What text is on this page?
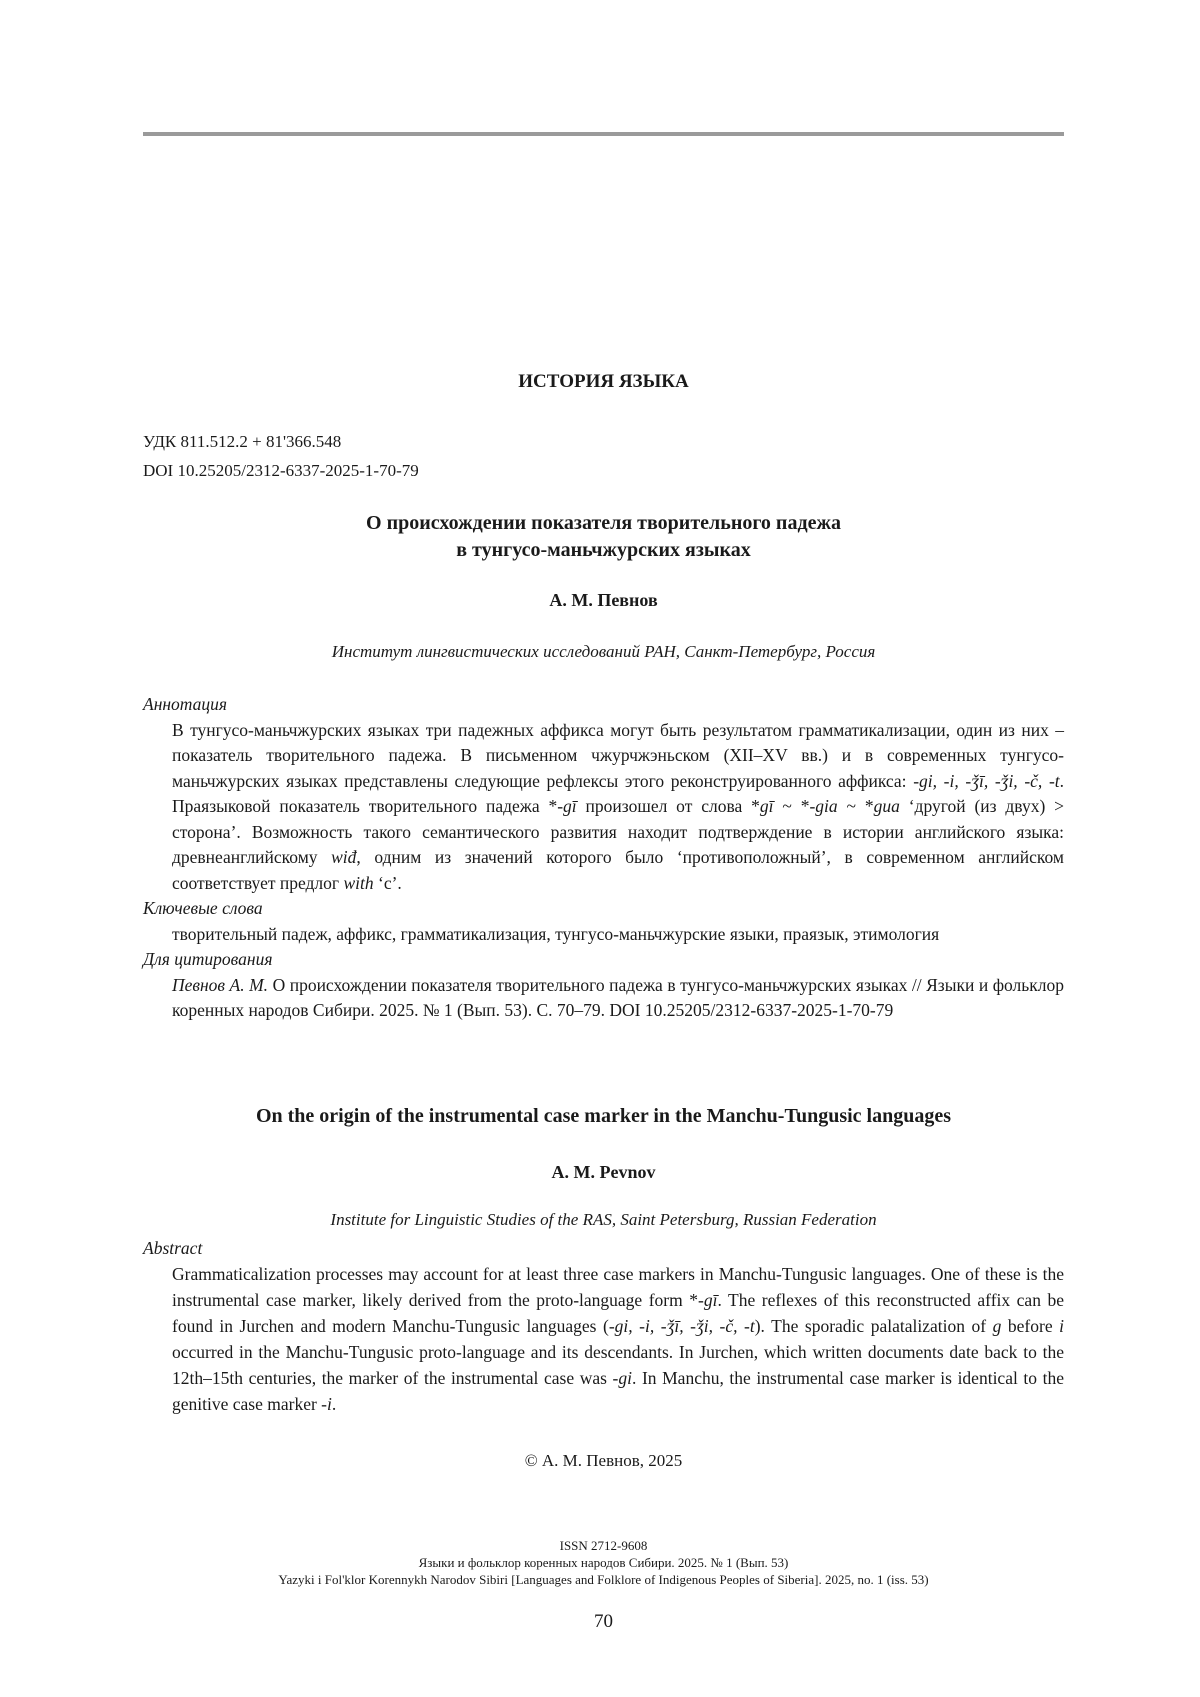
ИСТОРИЯ ЯЗЫКА
УДК 811.512.2 + 81'366.548
DOI 10.25205/2312-6337-2025-1-70-79
О происхождении показателя творительного падежа
в тунгусо-маньчжурских языках
А. М. Певнов
Институт лингвистических исследований РАН, Санкт-Петербург, Россия
Аннотация
В тунгусо-маньчжурских языках три падежных аффикса могут быть результатом грамматикализации, один из них – показатель творительного падежа. В письменном чжурчжэньском (XII–XV вв.) и в современных тунгусо-маньчжурских языках представлены следующие рефлексы этого реконструированного аффикса: -gi, -i, -ǯī, -ǯi, -č, -t. Праязыковой показатель творительного падежа *-gī произошел от слова *gī ~ *-gia ~ *gua ‘другой (из двух) > сторона’. Возможность такого семантического развития находит подтверждение в истории английского языка: древнеанглийскому wiđ, одним из значений которого было ‘противоположный’, в современном английском соответствует предлог with ‘с’.
Ключевые слова
творительный падеж, аффикс, грамматикализация, тунгусо-маньчжурские языки, праязык, этимология
Для цитирования
Певнов А. М. О происхождении показателя творительного падежа в тунгусо-маньчжурских языках // Языки и фольклор коренных народов Сибири. 2025. № 1 (Вып. 53). С. 70–79. DOI 10.25205/2312-6337-2025-1-70-79
On the origin of the instrumental case marker in the Manchu-Tungusic languages
A. M. Pevnov
Institute for Linguistic Studies of the RAS, Saint Petersburg, Russian Federation
Abstract
Grammaticalization processes may account for at least three case markers in Manchu-Tungusic languages. One of these is the instrumental case marker, likely derived from the proto-language form *-gī. The reflexes of this reconstructed affix can be found in Jurchen and modern Manchu-Tungusic languages (-gi, -i, -ǯī, -ǯi, -č, -t). The sporadic palatalization of g before i occurred in the Manchu-Tungusic proto-language and its descendants. In Jurchen, which written documents date back to the 12th–15th centuries, the marker of the instrumental case was -gi. In Manchu, the instrumental case marker is identical to the genitive case marker -i.
© А. М. Певнов, 2025
ISSN 2712-9608
Языки и фольклор коренных народов Сибири. 2025. № 1 (Вып. 53)
Yazyki i Fol'klor Korennykh Narodov Sibiri [Languages and Folklore of Indigenous Peoples of Siberia]. 2025, no. 1 (iss. 53)
70
